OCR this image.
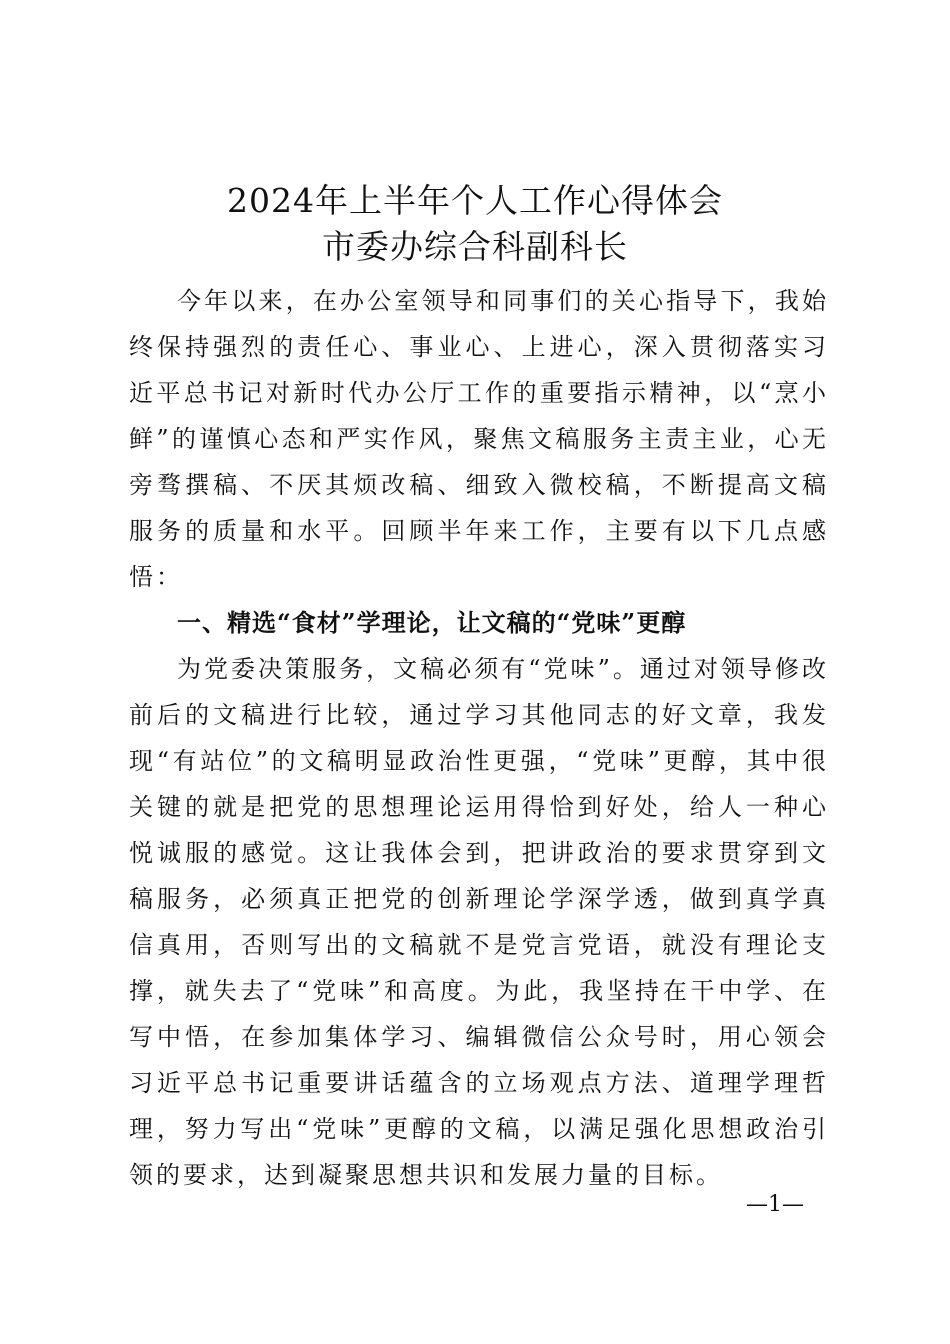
2024年上半年个人工作心得体会
市委办综合科副科长

今年以来，在办公室领导和同事们的关心指导下，我始终保持强烈的责任心、事业心、上进心，深入贯彻落实习近平总书记对新时代办公厅工作的重要指示精神，以“烹小鲜”的谨慎心态和严实作风，聚焦文稿服务主责主业，心无旁骛撰稿、不厌其烦改稿、细致入微校稿，不断提高文稿服务的质量和水平。回顾半年来工作，主要有以下几点感悟：

一、精选“食材”学理论，让文稿的“党味”更醇

为党委决策服务，文稿必须有“党味”。通过对领导修改前后的文稿进行比较，通过学习其他同志的好文章，我发现“有站位”的文稿明显政治性更强，“党味”更醇，其中很关键的就是把党的思想理论运用得恰到好处，给人一种心悦诚服的感觉。这让我体会到，把讲政治的要求贯穿到文稿服务，必须真正把党的创新理论学深学透，做到真学真信真用，否则写出的文稿就不是党言党语，就没有理论支撑，就失去了“党味”和高度。为此，我坚持在干中学、在写中悟，在参加集体学习、编辑微信公众号时，用心领会习近平总书记重要讲话蕴含的立场观点方法、道理学理哲理，努力写出“党味”更醇的文稿，以满足强化思想政治引领的要求，达到凝聚思想共识和发展力量的目标。

—1—
